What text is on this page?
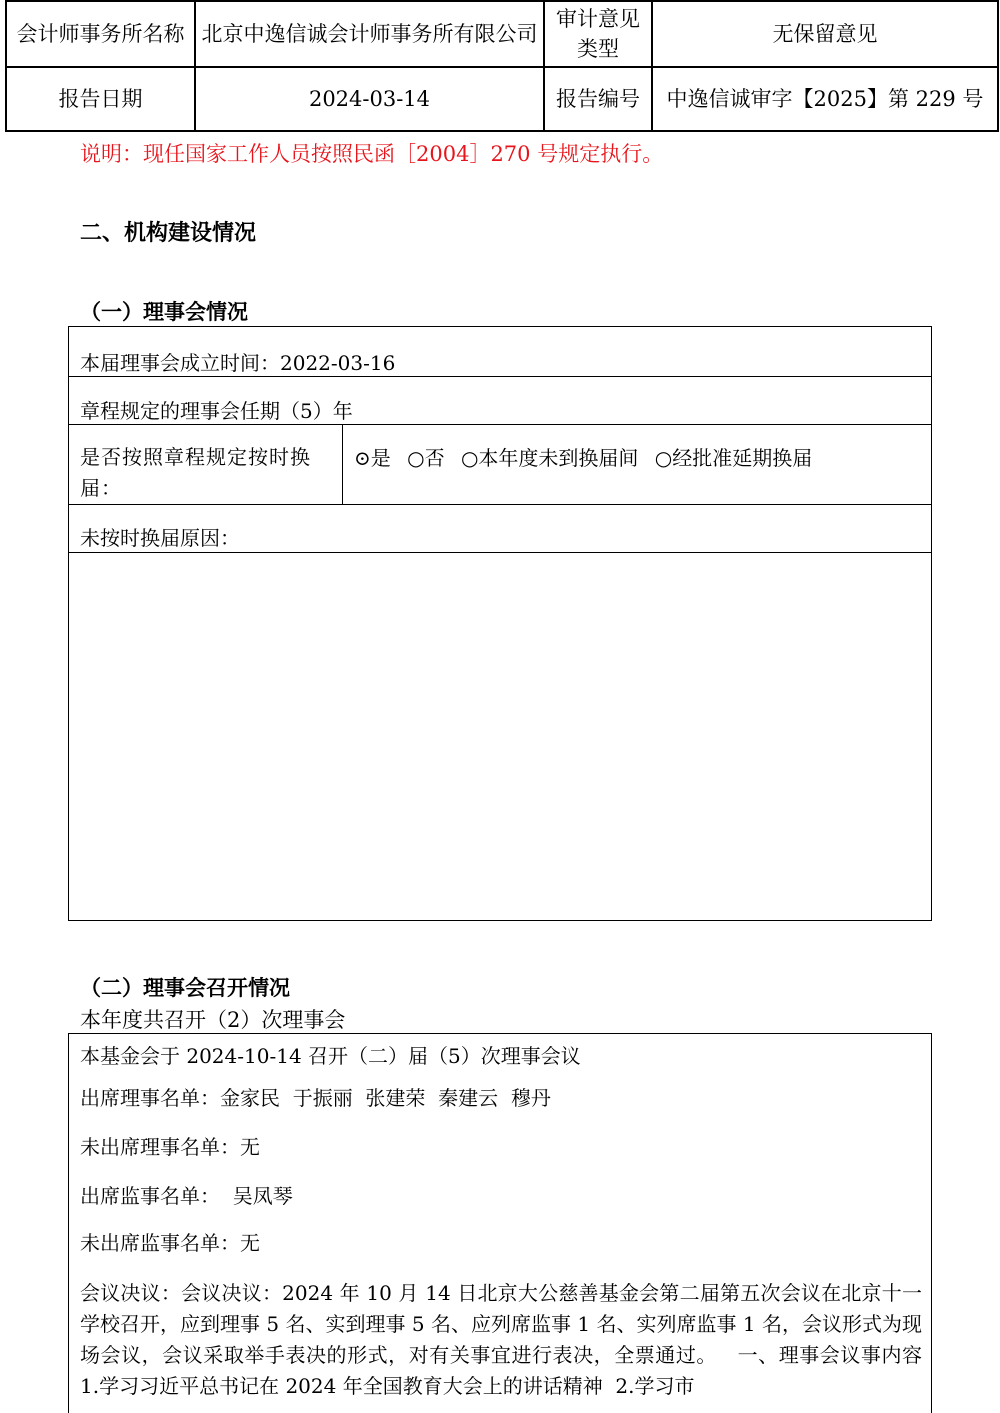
会计师事务所名称	北京中逸信诚会计师事务所有限公司	审计意见类型	无保留意见
报告日期	2024-03-14	报告编号	中逸信诚审字【2025】第 229 号
说明：现任国家工作人员按照民函［2004］270 号规定执行。
二、机构建设情况
（一）理事会情况
本届理事会成立时间：2022-03-16
章程规定的理事会任期（5）年
是否按照章程规定按时换届：
⊙是 ○否 ○本年度未到换届间 ○经批准延期换届
未按时换届原因：
（二）理事会召开情况
本年度共召开（2）次理事会
本基金会于 2024-10-14 召开（二）届（5）次理事会议
出席理事名单：金家民  于振丽  张建荣  秦建云  穆丹
未出席理事名单：无
出席监事名单：  吴凤琴
未出席监事名单：无
会议决议：会议决议：2024 年 10 月 14 日北京大公慈善基金会第二届第五次会议在北京十一学校召开，应到理事 5 名、实到理事 5 名、应列席监事 1 名、实列席监事 1 名，会议形式为现场会议，会议采取举手表决的形式，对有关事宜进行表决，全票通过。   一、理事会议事内容   1.学习习近平总书记在 2024 年全国教育大会上的讲话精神  2.学习市
